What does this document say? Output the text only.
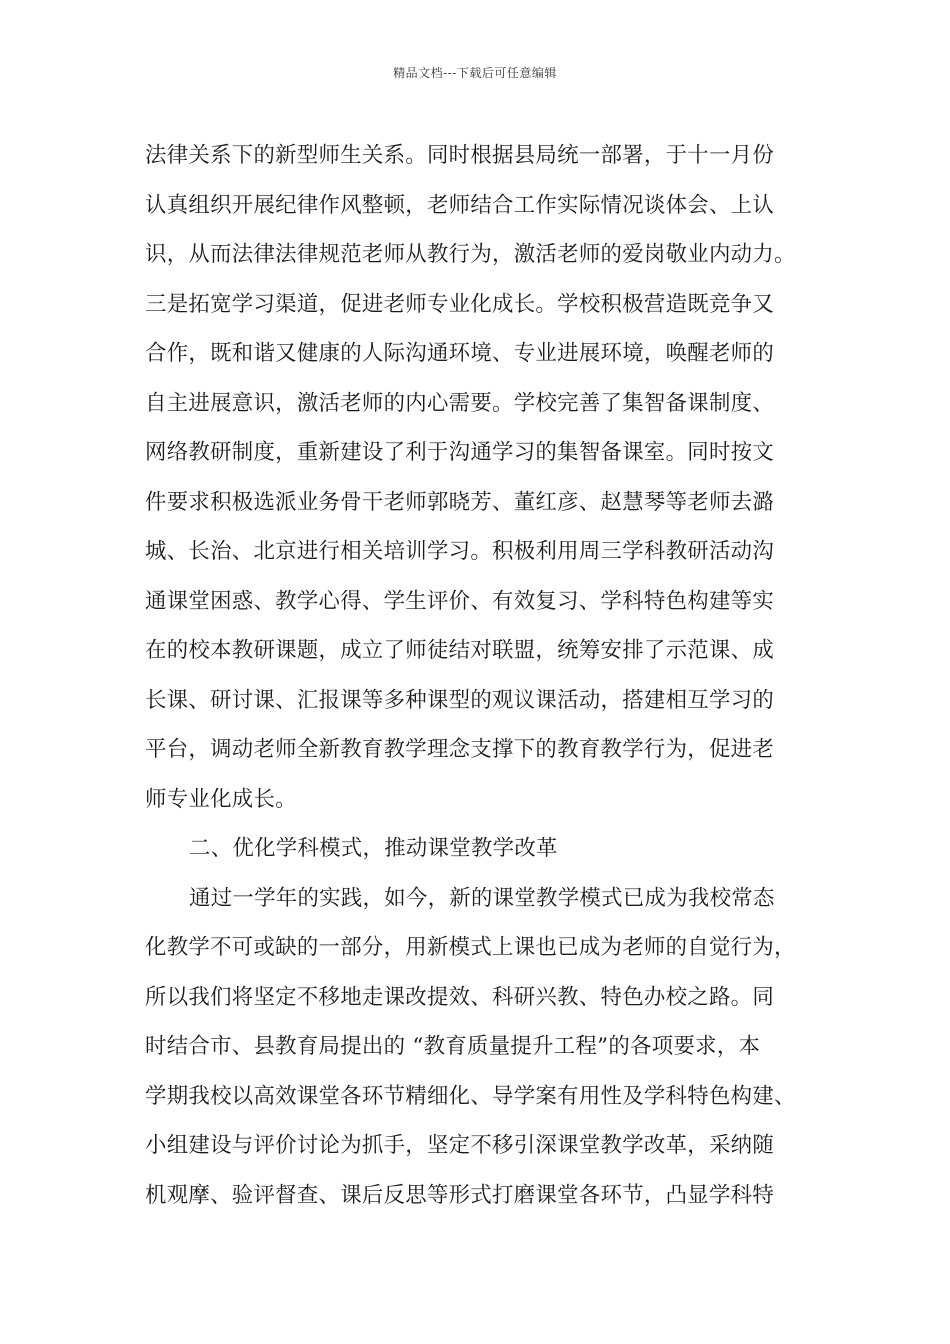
精品文档---下载后可任意编辑
法律关系下的新型师生关系。同时根据县局统一部署，于十一月份
认真组织开展纪律作风整顿，老师结合工作实际情况谈体会、上认
识，从而法律法律规范老师从教行为，激活老师的爱岗敬业内动力。
三是拓宽学习渠道，促进老师专业化成长。学校积极营造既竞争又
合作，既和谐又健康的人际沟通环境、专业进展环境，唤醒老师的
自主进展意识，激活老师的内心需要。学校完善了集智备课制度、
网络教研制度，重新建设了利于沟通学习的集智备课室。同时按文
件要求积极选派业务骨干老师郭晓芳、董红彦、赵慧琴等老师去潞
城、长治、北京进行相关培训学习。积极利用周三学科教研活动沟
通课堂困惑、教学心得、学生评价、有效复习、学科特色构建等实
在的校本教研课题，成立了师徒结对联盟，统筹安排了示范课、成
长课、研讨课、汇报课等多种课型的观议课活动，搭建相互学习的
平台，调动老师全新教育教学理念支撑下的教育教学行为，促进老
师专业化成长。
二、优化学科模式，推动课堂教学改革
通过一学年的实践，如今，新的课堂教学模式已成为我校常态
化教学不可或缺的一部分，用新模式上课也已成为老师的自觉行为，
所以我们将坚定不移地走课改提效、科研兴教、特色办校之路。同
时结合市、县教育局提出的 “教育质量提升工程”的各项要求，本
学期我校以高效课堂各环节精细化、导学案有用性及学科特色构建、
小组建设与评价讨论为抓手，坚定不移引深课堂教学改革，采纳随
机观摩、验评督查、课后反思等形式打磨课堂各环节，凸显学科特
